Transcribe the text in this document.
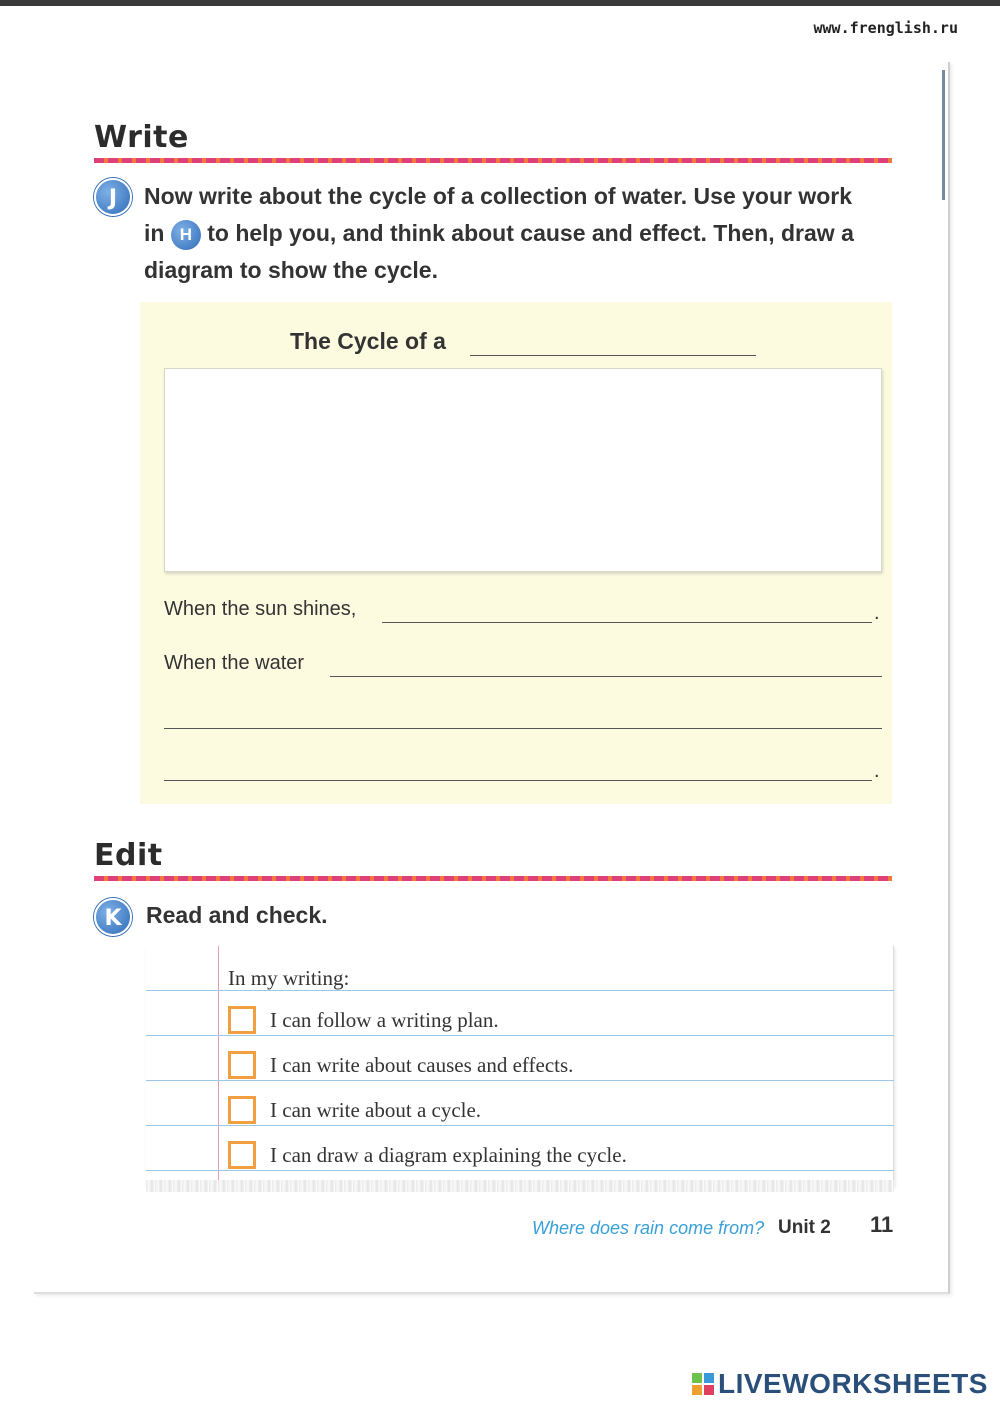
www.frenglish.ru
Write
J	Now write about the cycle of a collection of water. Use your work in H to help you, and think about cause and effect. Then, draw a diagram to show the cycle.
The Cycle of a
When the sun shines,	.
When the water
.
Edit
K	Read and check.
In my writing:
I can follow a writing plan.
I can write about causes and effects.
I can write about a cycle.
I can draw a diagram explaining the cycle.
Where does rain come from? Unit 2 11
LIVEWORKSHEETS
